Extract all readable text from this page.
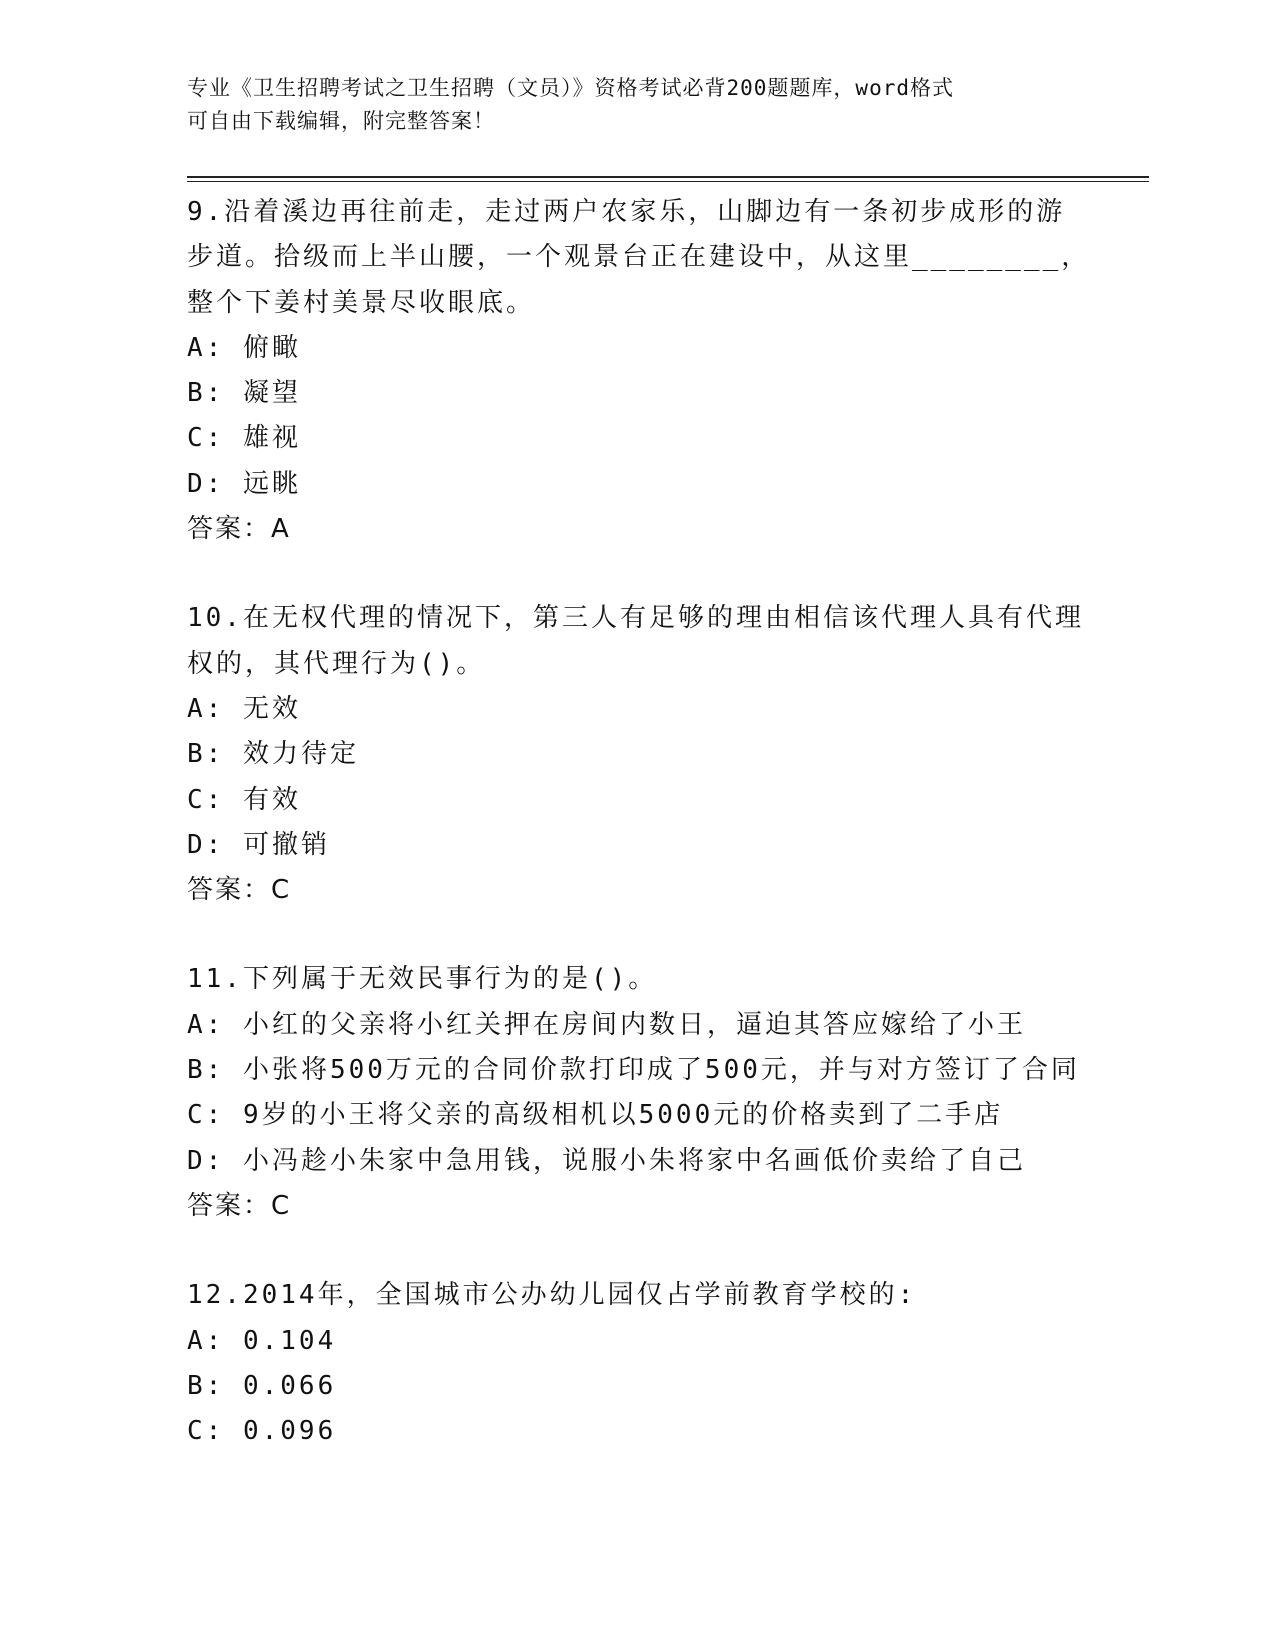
专业《卫生招聘考试之卫生招聘（文员）》资格考试必背200题题库，word格式
可自由下载编辑，附完整答案！
9.沿着溪边再往前走，走过两户农家乐，山脚边有一条初步成形的游
步道。拾级而上半山腰，一个观景台正在建设中，从这里________，
整个下姜村美景尽收眼底。
A: 俯瞰
B: 凝望
C: 雄视
D: 远眺
答案：A
10.在无权代理的情况下，第三人有足够的理由相信该代理人具有代理
权的，其代理行为()。
A: 无效
B: 效力待定
C: 有效
D: 可撤销
答案：C
11.下列属于无效民事行为的是()。
A: 小红的父亲将小红关押在房间内数日，逼迫其答应嫁给了小王
B: 小张将500万元的合同价款打印成了500元，并与对方签订了合同
C: 9岁的小王将父亲的高级相机以5000元的价格卖到了二手店
D: 小冯趁小朱家中急用钱，说服小朱将家中名画低价卖给了自己
答案：C
12.2014年，全国城市公办幼儿园仅占学前教育学校的:
A: 0.104
B: 0.066
C: 0.096
